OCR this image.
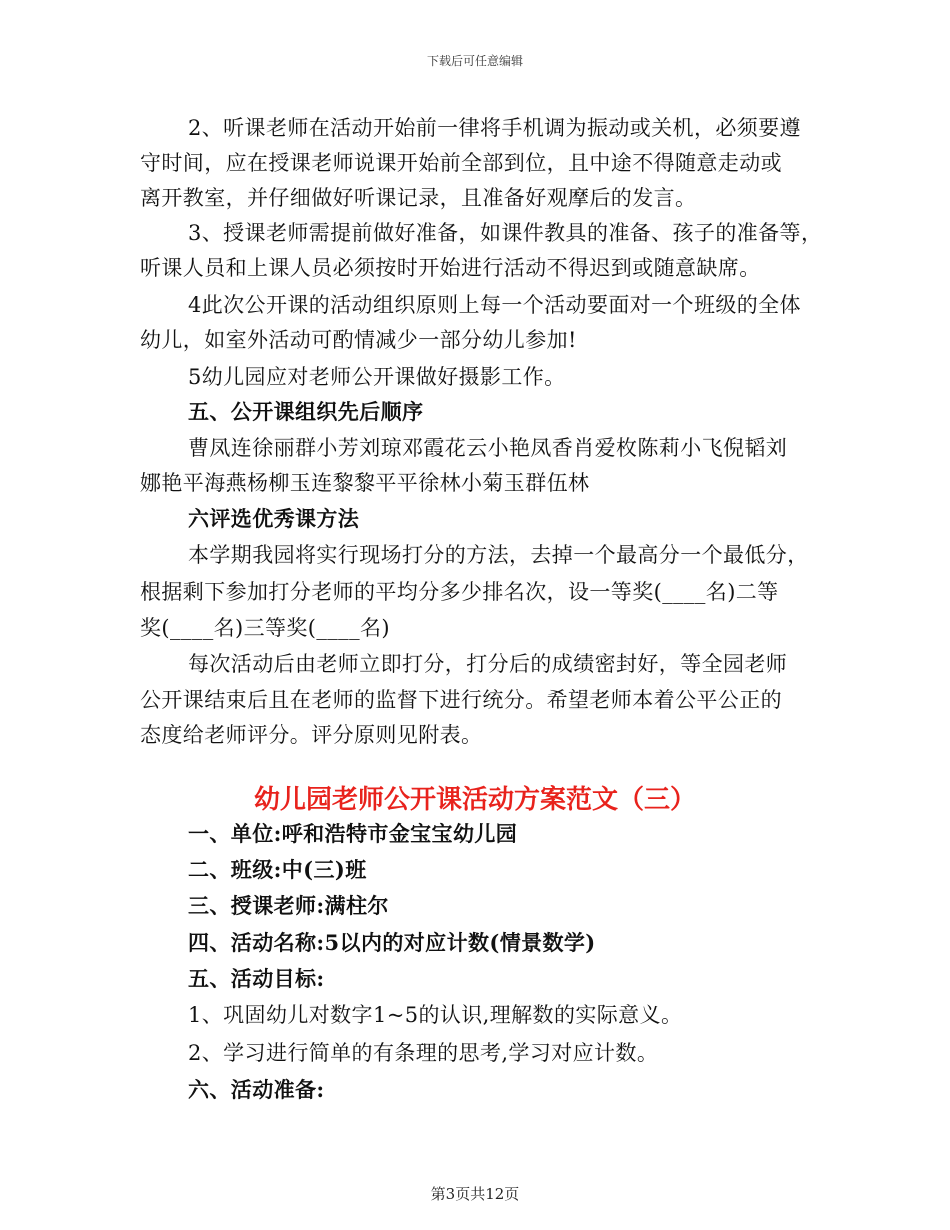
下载后可任意编辑
2、听课老师在活动开始前一律将手机调为振动或关机，必须要遵
守时间，应在授课老师说课开始前全部到位，且中途不得随意走动或
离开教室，并仔细做好听课记录，且准备好观摩后的发言。
3、授课老师需提前做好准备，如课件教具的准备、孩子的准备等，
听课人员和上课人员必须按时开始进行活动不得迟到或随意缺席。
4此次公开课的活动组织原则上每一个活动要面对一个班级的全体
幼儿，如室外活动可酌情减少一部分幼儿参加!
5幼儿园应对老师公开课做好摄影工作。
五、公开课组织先后顺序
曹凤连徐丽群小芳刘琼邓霞花云小艳凤香肖爱枚陈莉小飞倪韬刘
娜艳平海燕杨柳玉连黎黎平平徐林小菊玉群伍林
六评选优秀课方法
本学期我园将实行现场打分的方法，去掉一个最高分一个最低分，
根据剩下参加打分老师的平均分多少排名次，设一等奖(____名)二等
奖(____名)三等奖(____名)
每次活动后由老师立即打分，打分后的成绩密封好，等全园老师
公开课结束后且在老师的监督下进行统分。希望老师本着公平公正的
态度给老师评分。评分原则见附表。
幼儿园老师公开课活动方案范文（三）
一、单位:呼和浩特市金宝宝幼儿园
二、班级:中(三)班
三、授课老师:满柱尔
四、活动名称:5以内的对应计数(情景数学)
五、活动目标:
1、巩固幼儿对数字1~5的认识,理解数的实际意义。
2、学习进行简单的有条理的思考,学习对应计数。
六、活动准备:
第3页共12页
